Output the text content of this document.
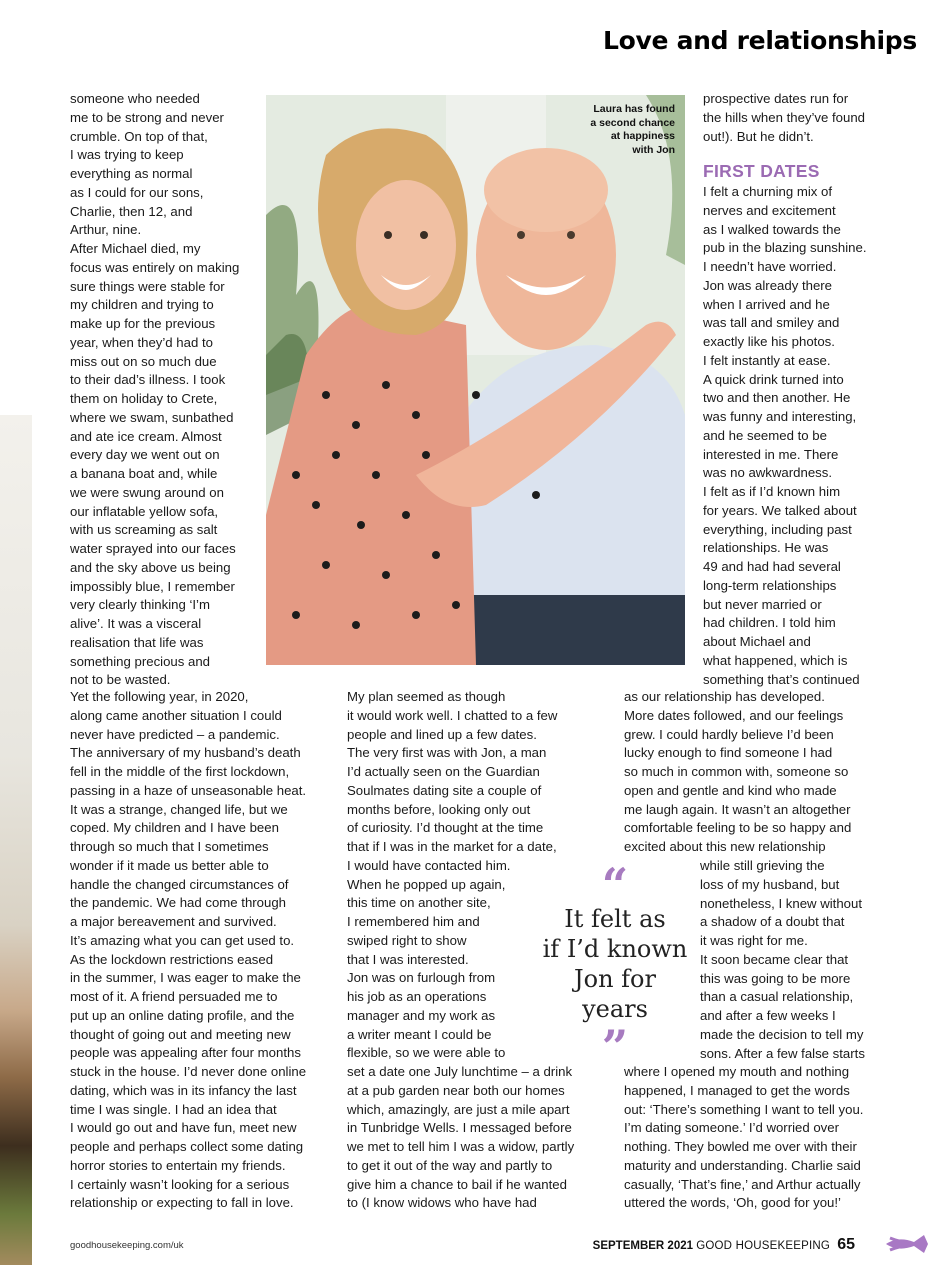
Love and relationships

someone who needed
me to be strong and never
crumble. On top of that,
I was trying to keep
everything as normal
as I could for our sons,
Charlie, then 12, and
Arthur, nine.
After Michael died, my
focus was entirely on making
sure things were stable for
my children and trying to
make up for the previous
year, when they’d had to
miss out on so much due
to their dad’s illness. I took
them on holiday to Crete,
where we swam, sunbathed
and ate ice cream. Almost
every day we went out on
a banana boat and, while
we were swung around on
our inflatable yellow sofa,
with us screaming as salt
water sprayed into our faces
and the sky above us being
impossibly blue, I remember
very clearly thinking ‘I’m
alive’. It was a visceral
realisation that life was
something precious and
not to be wasted.

Laura has found
a second chance
at happiness
with Jon

prospective dates run for
the hills when they’ve found
out!). But he didn’t.

FIRST DATES

I felt a churning mix of
nerves and excitement
as I walked towards the
pub in the blazing sunshine.
I needn’t have worried.
Jon was already there
when I arrived and he
was tall and smiley and
exactly like his photos.
I felt instantly at ease.
A quick drink turned into
two and then another. He
was funny and interesting,
and he seemed to be
interested in me. There
was no awkwardness.
I felt as if I’d known him
for years. We talked about
everything, including past
relationships. He was
49 and had had several
long-term relationships
but never married or
had children. I told him
about Michael and
what happened, which is
something that’s continued

Yet the following year, in 2020,
along came another situation I could
never have predicted – a pandemic.
The anniversary of my husband’s death
fell in the middle of the first lockdown,
passing in a haze of unseasonable heat.
It was a strange, changed life, but we
coped. My children and I have been
through so much that I sometimes
wonder if it made us better able to
handle the changed circumstances of
the pandemic. We had come through
a major bereavement and survived.
It’s amazing what you can get used to.
As the lockdown restrictions eased
in the summer, I was eager to make the
most of it. A friend persuaded me to
put up an online dating profile, and the
thought of going out and meeting new
people was appealing after four months
stuck in the house. I’d never done online
dating, which was in its infancy the last
time I was single. I had an idea that
I would go out and have fun, meet new
people and perhaps collect some dating
horror stories to entertain my friends.
I certainly wasn’t looking for a serious
relationship or expecting to fall in love.

My plan seemed as though
it would work well. I chatted to a few
people and lined up a few dates.
The very first was with Jon, a man
I’d actually seen on the Guardian
Soulmates dating site a couple of
months before, looking only out
of curiosity. I’d thought at the time
that if I was in the market for a date,
I would have contacted him.
When he popped up again,
this time on another site,
I remembered him and
swiped right to show
that I was interested.
Jon was on furlough from
his job as an operations
manager and my work as
a writer meant I could be
flexible, so we were able to

set a date one July lunchtime – a drink
at a pub garden near both our homes
which, amazingly, are just a mile apart
in Tunbridge Wells. I messaged before
we met to tell him I was a widow, partly
to get it out of the way and partly to
give him a chance to bail if he wanted
to (I know widows who have had

as our relationship has developed.
More dates followed, and our feelings
grew. I could hardly believe I’d been
lucky enough to find someone I had
so much in common with, someone so
open and gentle and kind who made
me laugh again. It wasn’t an altogether
comfortable feeling to be so happy and
excited about this new relationship

“
It felt as
if I’d known
Jon for
years
”

while still grieving the
loss of my husband, but
nonetheless, I knew without
a shadow of a doubt that
it was right for me.
It soon became clear that
this was going to be more
than a casual relationship,
and after a few weeks I
made the decision to tell my
sons. After a few false starts

where I opened my mouth and nothing
happened, I managed to get the words
out: ‘There’s something I want to tell you.
I’m dating someone.’ I’d worried over
nothing. They bowled me over with their
maturity and understanding. Charlie said
casually, ‘That’s fine,’ and Arthur actually
uttered the words, ‘Oh, good for you!’

goodhousekeeping.com/uk	SEPTEMBER 2021 GOOD HOUSEKEEPING 65
